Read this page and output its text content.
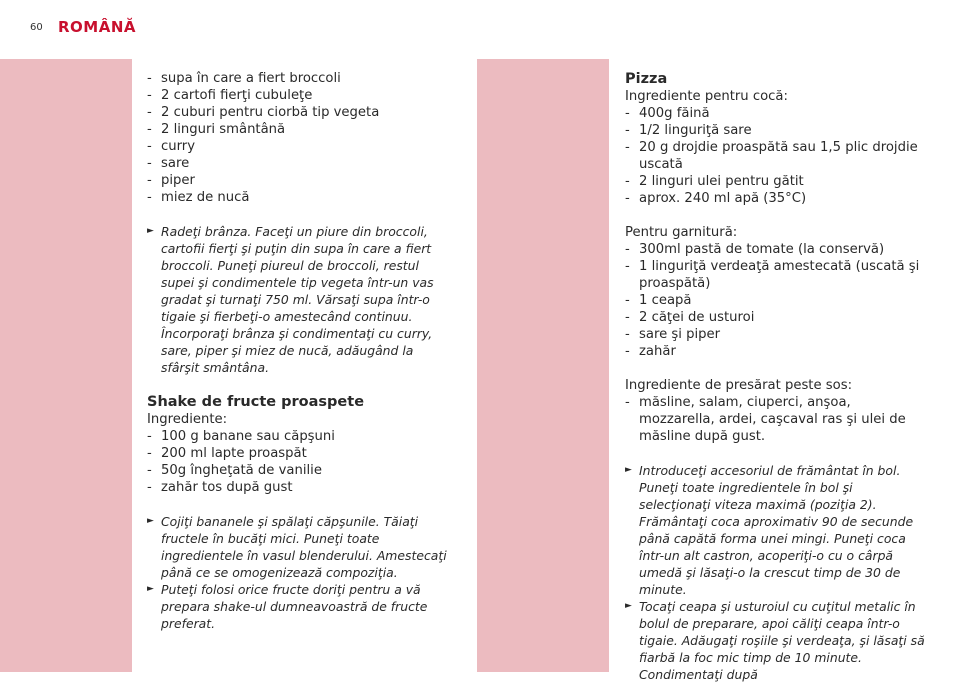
60 ROMÂNĂ
- supa în care a fiert broccoli
- 2 cartofi fierţi cubuleţe
- 2 cuburi pentru ciorbă tip vegeta
- 2 linguri smântână
- curry
- sare
- piper
- miez de nucă
► Radeţi brânza. Faceţi un piure din broccoli, cartofii fierţi şi puţin din supa în care a fiert broccoli. Puneţi piureul de broccoli, restul supei şi condimentele tip vegeta într-un vas gradat şi turnaţi 750 ml. Vărsaţi supa într-o tigaie şi fierbeţi-o amestecând continuu. Încorporaţi brânza şi condimentaţi cu curry, sare, piper şi miez de nucă, adăugând la sfârşit smântâna.
Shake de fructe proaspete
Ingrediente:
- 100 g banane sau căpşuni
- 200 ml lapte proaspăt
- 50g îngheţată de vanilie
- zahăr tos după gust
► Cojiţi bananele şi spălaţi căpşunile. Tăiaţi fructele în bucăţi mici. Puneţi toate ingredientele în vasul blenderului. Amestecaţi până ce se omogenizează compoziţia.
► Puteţi folosi orice fructe doriţi pentru a vă prepara shake-ul dumneavoastră de fructe preferat.
Pizza
Ingrediente pentru cocă:
- 400g făină
- 1/2 linguriţă sare
- 20 g drojdie proaspătă sau 1,5 plic drojdie uscată
- 2 linguri ulei pentru gătit
- aprox. 240 ml apă (35°C)
Pentru garnitură:
- 300ml pastă de tomate (la conservă)
- 1 linguriţă verdeaţă amestecată (uscată şi proaspătă)
- 1 ceapă
- 2 căţei de usturoi
- sare şi piper
- zahăr
Ingrediente de presărat peste sos:
- măsline, salam, ciuperci, anşoa, mozzarella, ardei, caşcaval ras şi ulei de măsline după gust.
► Introduceţi accesoriul de frământat în bol. Puneţi toate ingredientele în bol şi selecţionaţi viteza maximă (poziţia 2). Frământaţi coca aproximativ 90 de secunde până capătă forma unei mingi. Puneţi coca într-un alt castron, acoperiţi-o cu o cârpă umedă şi lăsaţi-o la crescut timp de 30 de minute.
► Tocaţi ceapa şi usturoiul cu cuţitul metalic în bolul de preparare, apoi căliţi ceapa într-o tigaie. Adăugaţi roşiile şi verdeaţa, şi lăsaţi să fiarbă la foc mic timp de 10 minute. Condimentaţi după
